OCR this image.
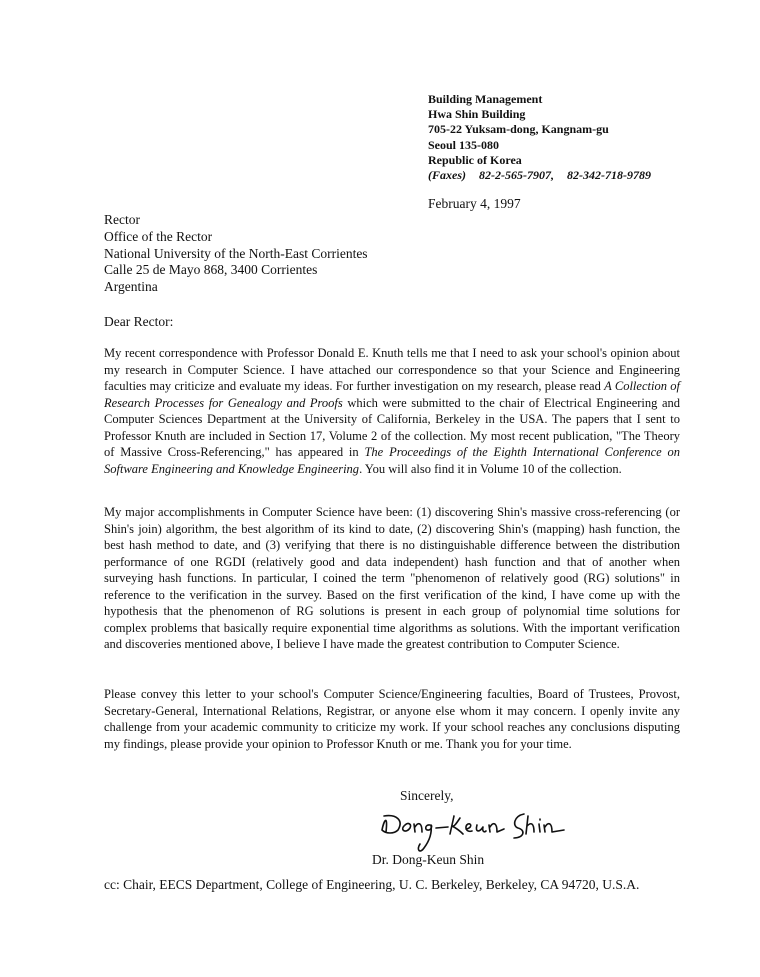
Building Management
Hwa Shin Building
705-22 Yuksam-dong, Kangnam-gu
Seoul 135-080
Republic of Korea
(Faxes) 82-2-565-7907, 82-342-718-9789
February 4, 1997
Rector
Office of the Rector
National University of the North-East Corrientes
Calle 25 de Mayo 868, 3400 Corrientes
Argentina
Dear Rector:

My recent correspondence with Professor Donald E. Knuth tells me that I need to ask your school's opinion about my research in Computer Science. I have attached our correspondence so that your Science and Engineering faculties may criticize and evaluate my ideas. For further investigation on my research, please read A Collection of Research Processes for Genealogy and Proofs which were submitted to the chair of Electrical Engineering and Computer Sciences Department at the University of California, Berkeley in the USA. The papers that I sent to Professor Knuth are included in Section 17, Volume 2 of the collection. My most recent publication, "The Theory of Massive Cross-Referencing," has appeared in The Proceedings of the Eighth International Conference on Software Engineering and Knowledge Engineering. You will also find it in Volume 10 of the collection.

My major accomplishments in Computer Science have been: (1) discovering Shin's massive cross-referencing (or Shin's join) algorithm, the best algorithm of its kind to date, (2) discovering Shin's (mapping) hash function, the best hash method to date, and (3) verifying that there is no distinguishable difference between the distribution performance of one RGDI (relatively good and data independent) hash function and that of another when surveying hash functions. In particular, I coined the term "phenomenon of relatively good (RG) solutions" in reference to the verification in the survey. Based on the first verification of the kind, I have come up with the hypothesis that the phenomenon of RG solutions is present in each group of polynomial time solutions for complex problems that basically require exponential time algorithms as solutions. With the important verification and discoveries mentioned above, I believe I have made the greatest contribution to Computer Science.

Please convey this letter to your school's Computer Science/Engineering faculties, Board of Trustees, Provost, Secretary-General, International Relations, Registrar, or anyone else whom it may concern. I openly invite any challenge from your academic community to criticize my work. If your school reaches any conclusions disputing my findings, please provide your opinion to Professor Knuth or me. Thank you for your time.

Sincerely,
Dr. Dong-Keun Shin
cc: Chair, EECS Department, College of Engineering, U. C. Berkeley, Berkeley, CA 94720, U.S.A.
